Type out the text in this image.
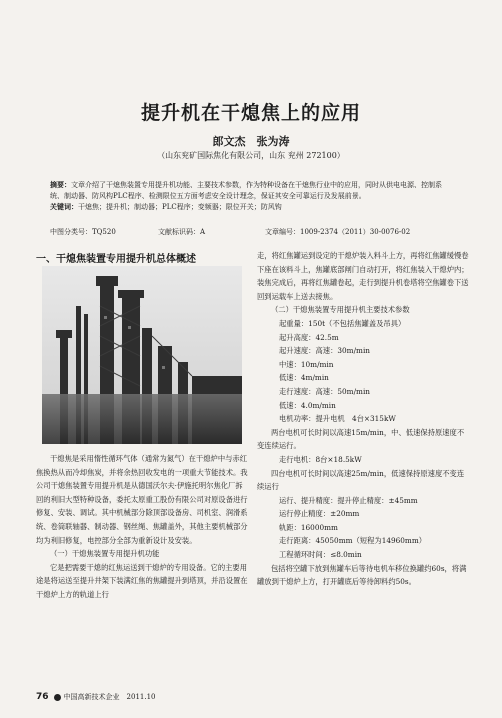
提升机在干熄焦上的应用
郎文杰　张为涛
（山东兖矿国际焦化有限公司，山东 兖州 272100）
摘要：文章介绍了干熄焦装置专用提升机功能、主要技术参数，作为特种设备在干熄焦行业中的应用，同时从供电电源、控制系统、制动器、防风构PLC程序、检测限位五方面考虑安全设计理念，保证其安全可靠运行及发展前景。
关键词：干熄焦；提升机；制动器；PLC程序；变频器；限位开关；防风钩
中图分类号：TQ520	文献标识码：A	文章编号：1009-2374（2011）30-0076-02
一、干熄焦装置专用提升机总体概述

干熄焦是采用惰性循环气体（通常为氮气）在干熄炉中与赤红焦换热从而冷却焦炭，并将余热回收发电的一项重大节能技术。我公司干熄焦装置专用提升机是从德国沃尔夫·伊施托明尔焦化厂拆回的利旧大型特种设备，委托太原重工股份有限公司对原设备进行修复、安装、调试。其中机械部分除顶部设备房、司机室、润滑系统、卷筒联轴器、制动器、钢丝绳、焦罐盖外，其他主要机械部分均为利旧修复，电控部分全部为重新设计及安装。

（一）干熄焦装置专用提升机功能

它是把需要干熄的红焦运送到干熄炉的专用设备。它的主要用途是将运送至提升井架下装满红焦的焦罐提升到塔顶，并沿设置在干熄炉上方的轨道上行

走，将红焦罐运到设定的干熄炉装入料斗上方，再将红焦罐缓慢卷下座在该料斗上，焦罐底部闸门自动打开，将红焦装入干熄炉内；装焦完成后，再将红焦罐卷起，走行到提升机卷塔将空焦罐卷下送回到运载车上送去接焦。

（二）干熄焦装置专用提升机主要技术参数

起重量：150t（不包括焦罐盖及吊具）

起升高度：42.5m

起升速度：高速：30m/min

中速：10m/min

低速：4m/min

走行速度：高速：50m/min

低速：4.0m/min

电机功率：提升电机　4台×315kW

两台电机可长时间以高速15m/min，中、低速保持原速度不变连续运行。

走行电机：8台×18.5kW

四台电机可长时间以高速25m/min，低速保持原速度不变连续运行

运行、提升精度：提升停止精度：±45mm

运行停止精度：±20mm

轨距：16000mm

走行距离：45050mm（短程为14960mm）

工程循环时间：≤8.0min

包括将空罐下放到焦罐车后等待电机车移位换罐约60s，将满罐放到干熄炉上方，打开罐底后等待卸料约50s。

76 中国高新技术企业　2011.10
